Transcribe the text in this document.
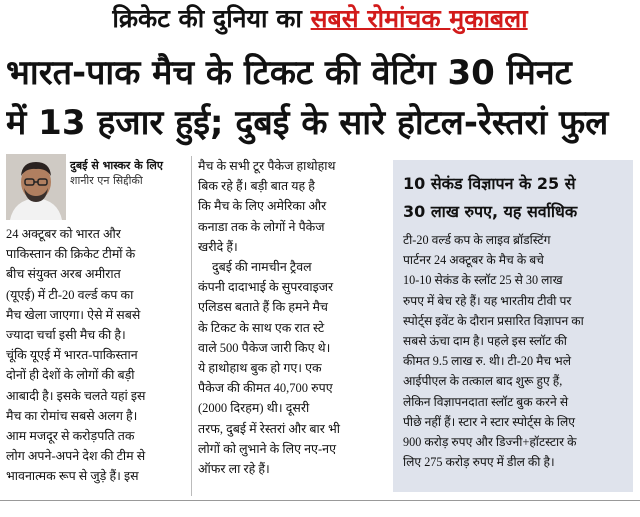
क्रिकेट की दुनिया का सबसे रोमांचक मुकाबला
भारत-पाक मैच के टिकट की वेटिंग 30 मिनट
में 13 हजार हुई; दुबई के सारे होटल-रेस्तरां फुल
दुबई से भास्कर के लिए
शानीर एन सिद्दीकी

24 अक्टूबर को भारत और
पाकिस्तान की क्रिकेट टीमों के
बीच संयुक्त अरब अमीरात
(यूएई) में टी-20 वर्ल्ड कप का
मैच खेला जाएगा। ऐसे में सबसे
ज्यादा चर्चा इसी मैच की है।
चूंकि यूएई में भारत-पाकिस्तान
दोनों ही देशों के लोगों की बड़ी
आबादी है। इसके चलते यहां इस
मैच का रोमांच सबसे अलग है।
आम मजदूर से करोड़पति तक
लोग अपने-अपने देश की टीम से
भावनात्मक रूप से जुड़े हैं। इस

मैच के सभी टूर पैकेज हाथोहाथ
बिक रहे हैं। बड़ी बात यह है
कि मैच के लिए अमेरिका और
कनाडा तक के लोगों ने पैकेज
खरीदे हैं।

दुबई की नामचीन ट्रैवल
कंपनी दादाभाई के सुपरवाइजर
एलिडस बताते हैं कि हमने मैच
के टिकट के साथ एक रात स्टे
वाले 500 पैकेज जारी किए थे।
ये हाथोहाथ बुक हो गए। एक
पैकेज की कीमत 40,700 रुपए
(2000 दिरहम) थी। दूसरी
तरफ, दुबई में रेस्तरां और बार भी
लोगों को लुभाने के लिए नए-नए
ऑफर ला रहे हैं।

10 सेकंड विज्ञापन के 25 से
30 लाख रुपए, यह सर्वाधिक
टी-20 वर्ल्ड कप के लाइव ब्रॉडस्टिंग
पार्टनर 24 अक्टूबर के मैच के बचे
10-10 सेकंड के स्लॉट 25 से 30 लाख
रुपए में बेच रहे हैं। यह भारतीय टीवी पर
स्पोर्ट्स इवेंट के दौरान प्रसारित विज्ञापन का
सबसे ऊंचा दाम है। पहले इस स्लॉट की
कीमत 9.5 लाख रु. थी। टी-20 मैच भले
आईपीएल के तत्काल बाद शुरू हुए हैं,
लेकिन विज्ञापनदाता स्लॉट बुक करने से
पीछे नहीं हैं। स्टार ने स्टार स्पोर्ट्स के लिए
900 करोड़ रुपए और डिज्नी+हॉटस्टार के
लिए 275 करोड़ रुपए में डील की है।
